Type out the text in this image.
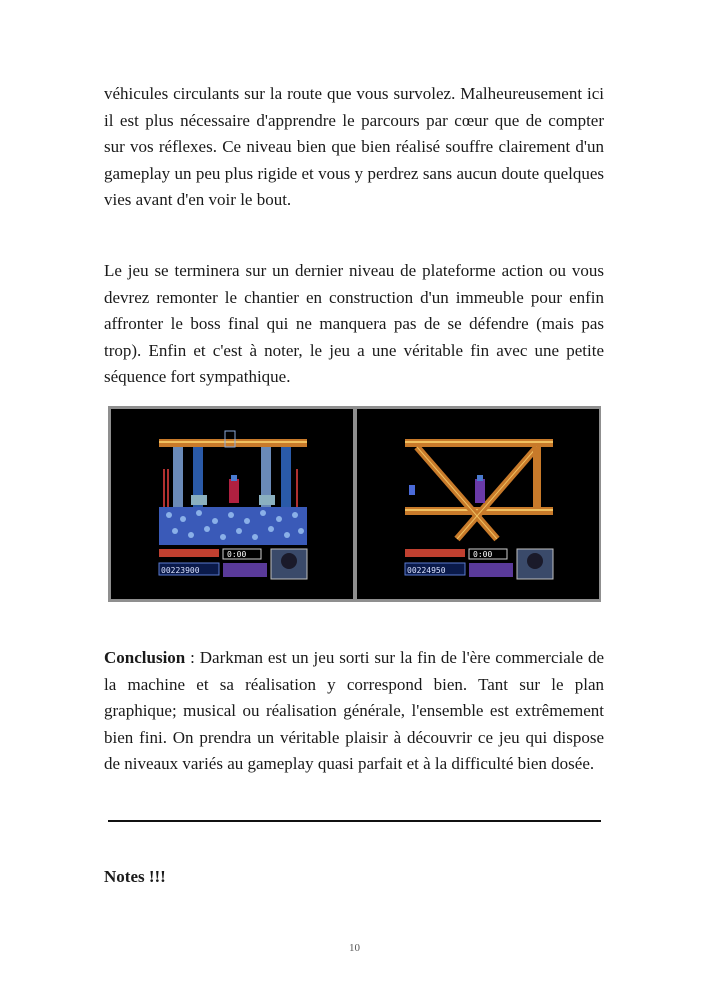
véhicules circulants sur la route que vous survolez. Malheureusement ici il est plus nécessaire d'apprendre le parcours par cœur que de compter sur vos réflexes. Ce niveau bien que bien réalisé souffre clairement d'un gameplay un peu plus rigide et vous y perdrez sans aucun doute quelques vies avant d'en voir le bout.

Le jeu se terminera sur un dernier niveau de plateforme action ou vous devrez remonter le chantier en construction d'un immeuble pour enfin affronter le boss final qui ne manquera pas de se défendre (mais pas trop). Enfin et c'est à noter, le jeu a une véritable fin avec une petite séquence fort sympathique.

00223900
0:00
00224950
0:00

Conclusion : Darkman est un jeu sorti sur la fin de l'ère commerciale de la machine et sa réalisation y correspond bien. Tant sur le plan graphique; musical ou réalisation générale, l'ensemble est extrêmement bien fini. On prendra un véritable plaisir à découvrir ce jeu qui dispose de niveaux variés au gameplay quasi parfait et à la difficulté bien dosée.

Notes !!!

10
